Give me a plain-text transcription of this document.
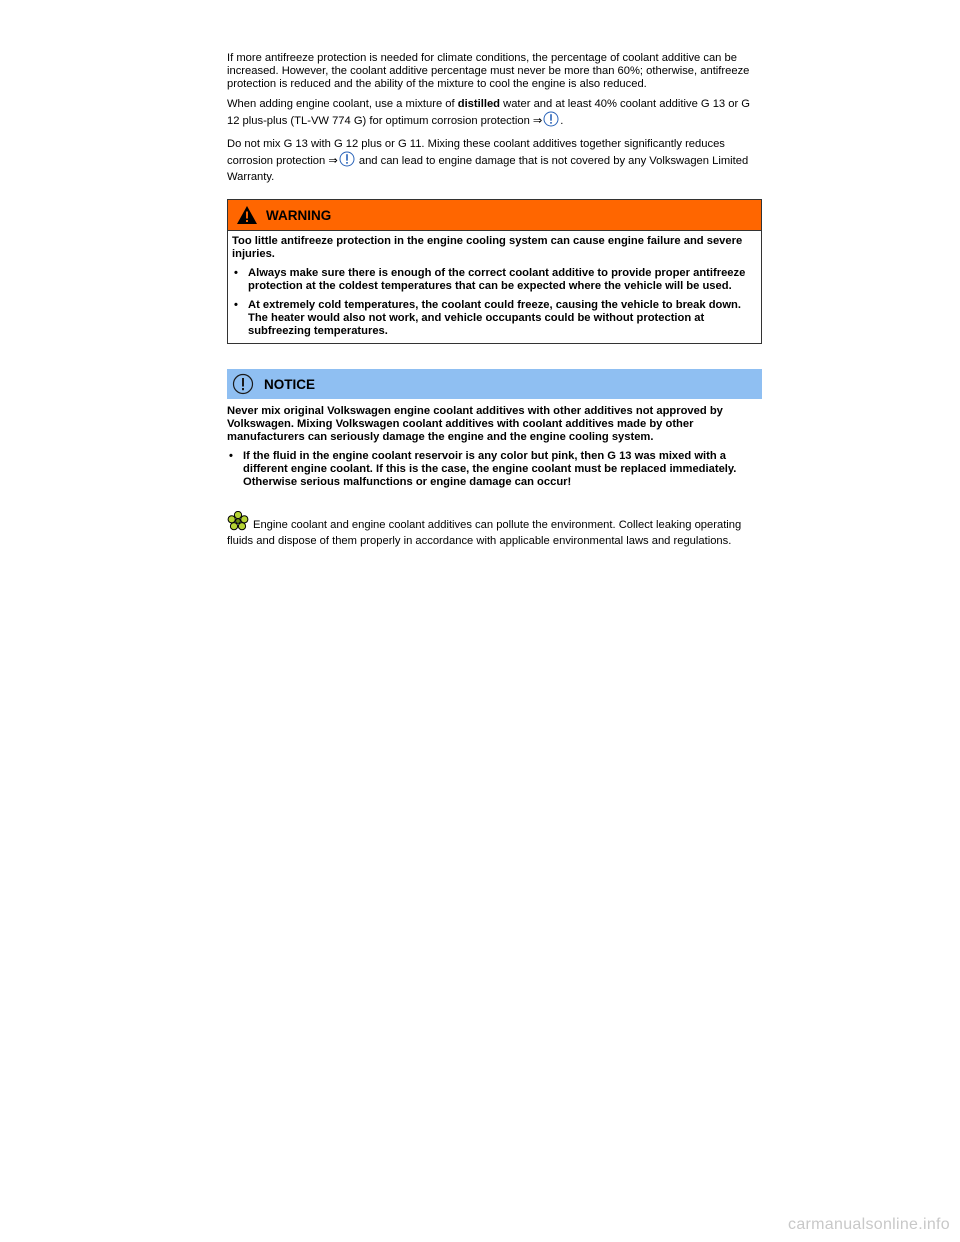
If more antifreeze protection is needed for climate conditions, the percentage of coolant additive can be increased. However, the coolant additive percentage must never be more than 60%; otherwise, antifreeze protection is reduced and the ability of the mixture to cool the engine is also reduced.

When adding engine coolant, use a mixture of distilled water and at least 40% coolant additive G 13 or G 12 plus-plus (TL-VW 774 G) for optimum corrosion protection ⇒ .

Do not mix G 13 with G 12 plus or G 11. Mixing these coolant additives together significantly reduces corrosion protection ⇒ and can lead to engine damage that is not covered by any Volkswagen Limited Warranty.

WARNING

Too little antifreeze protection in the engine cooling system can cause engine failure and severe injuries.

• Always make sure there is enough of the correct coolant additive to provide proper antifreeze protection at the coldest temperatures that can be expected where the vehicle will be used.

• At extremely cold temperatures, the coolant could freeze, causing the vehicle to break down. The heater would also not work, and vehicle occupants could be without protection at subfreezing temperatures.

NOTICE

Never mix original Volkswagen engine coolant additives with other additives not approved by Volkswagen. Mixing Volkswagen coolant additives with coolant additives made by other manufacturers can seriously damage the engine and the engine cooling system.

• If the fluid in the engine coolant reservoir is any color but pink, then G 13 was mixed with a different engine coolant. If this is the case, the engine coolant must be replaced immediately. Otherwise serious malfunctions or engine damage can occur!

Engine coolant and engine coolant additives can pollute the environment. Collect leaking operating fluids and dispose of them properly in accordance with applicable environmental laws and regulations.

carmanualsonline.info
